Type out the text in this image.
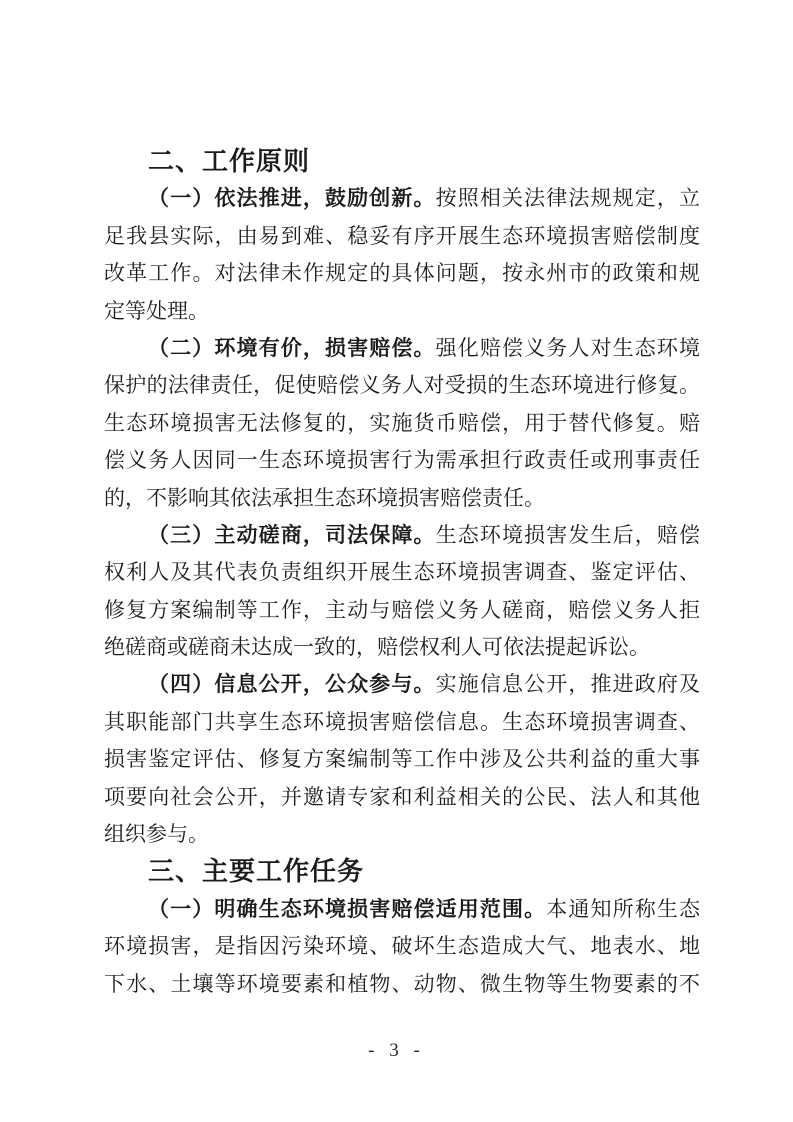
二、工作原则
（一）依法推进，鼓励创新。按照相关法律法规规定，立
足我县实际，由易到难、稳妥有序开展生态环境损害赔偿制度
改革工作。对法律未作规定的具体问题，按永州市的政策和规
定等处理。
（二）环境有价，损害赔偿。强化赔偿义务人对生态环境
保护的法律责任，促使赔偿义务人对受损的生态环境进行修复。
生态环境损害无法修复的，实施货币赔偿，用于替代修复。赔
偿义务人因同一生态环境损害行为需承担行政责任或刑事责任
的，不影响其依法承担生态环境损害赔偿责任。
（三）主动磋商，司法保障。生态环境损害发生后，赔偿
权利人及其代表负责组织开展生态环境损害调查、鉴定评估、
修复方案编制等工作，主动与赔偿义务人磋商，赔偿义务人拒
绝磋商或磋商未达成一致的，赔偿权利人可依法提起诉讼。
（四）信息公开，公众参与。实施信息公开，推进政府及
其职能部门共享生态环境损害赔偿信息。生态环境损害调查、
损害鉴定评估、修复方案编制等工作中涉及公共利益的重大事
项要向社会公开，并邀请专家和利益相关的公民、法人和其他
组织参与。
三、主要工作任务
（一）明确生态环境损害赔偿适用范围。本通知所称生态
环境损害，是指因污染环境、破坏生态造成大气、地表水、地
下水、土壤等环境要素和植物、动物、微生物等生物要素的不
- 3 -
